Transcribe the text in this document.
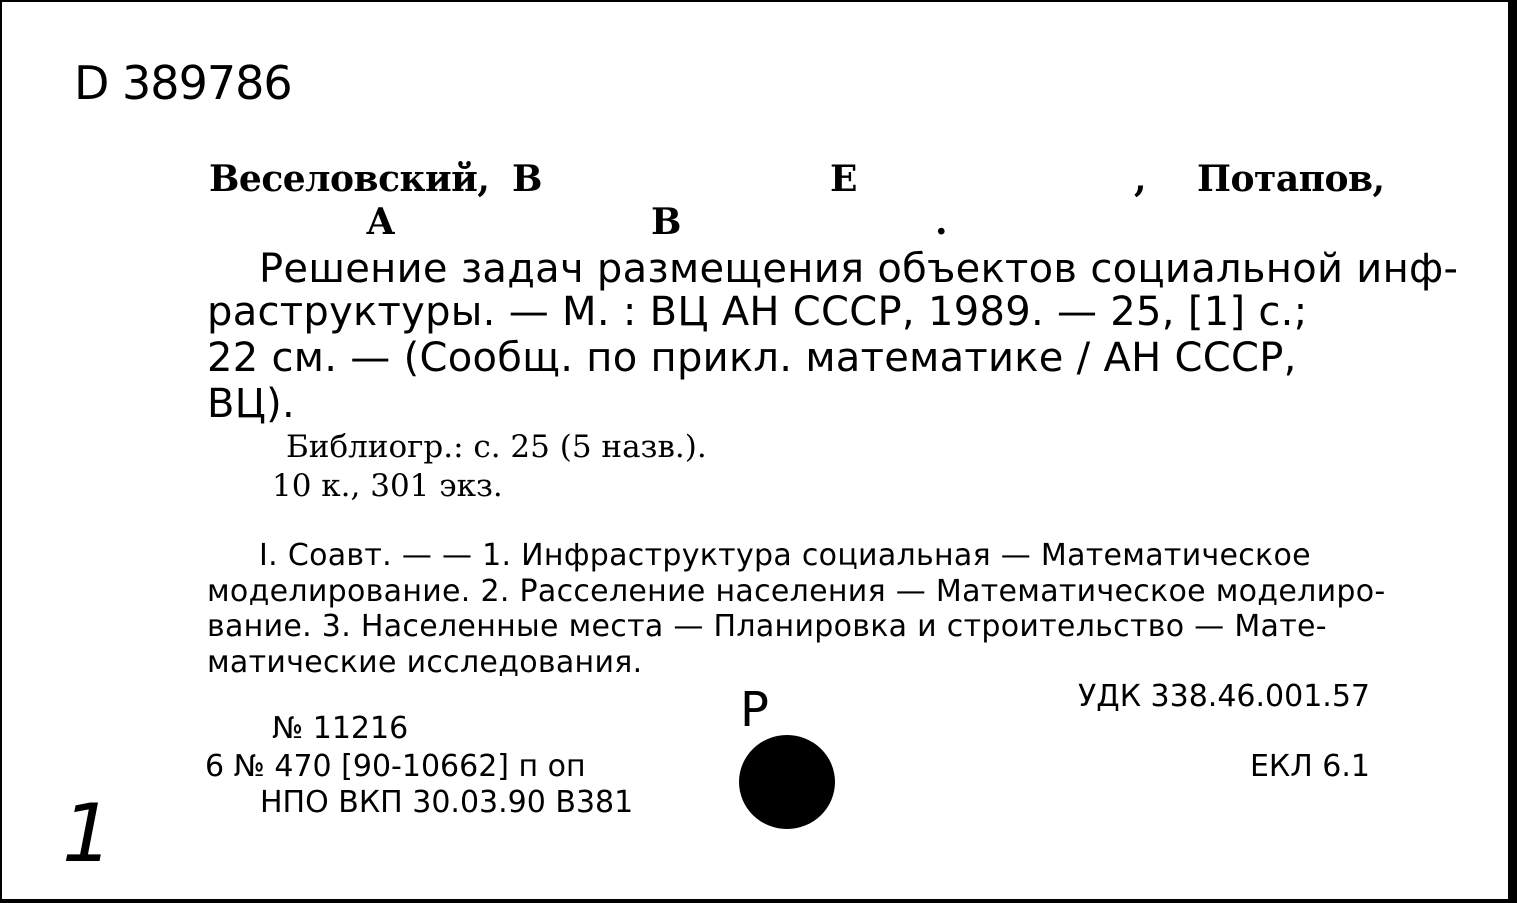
D 389786
Веселовский, В	Е	, Потапов,
А	В	.
Решение задач размещения объектов социальной инф-
раструктуры. — М. : ВЦ АН СССР, 1989. — 25, [1] с.;
22 см. — (Сообщ. по прикл. математике / АН СССР,
ВЦ).
Библиогр.: с. 25 (5 назв.).
10 к., 301 экз.
I. Соавт. — — 1. Инфраструктура социальная — Математическое
моделирование. 2. Расселение населения — Математическое моделиро-
вание. 3. Населенные места — Планировка и строительство — Мате-
матические исследования.
УДК 338.46.001.57
ЕКЛ 6.1
№ 11216
6 № 470 [90-10662] п оп
НПО ВКП 30.03.90 В381
P
1
